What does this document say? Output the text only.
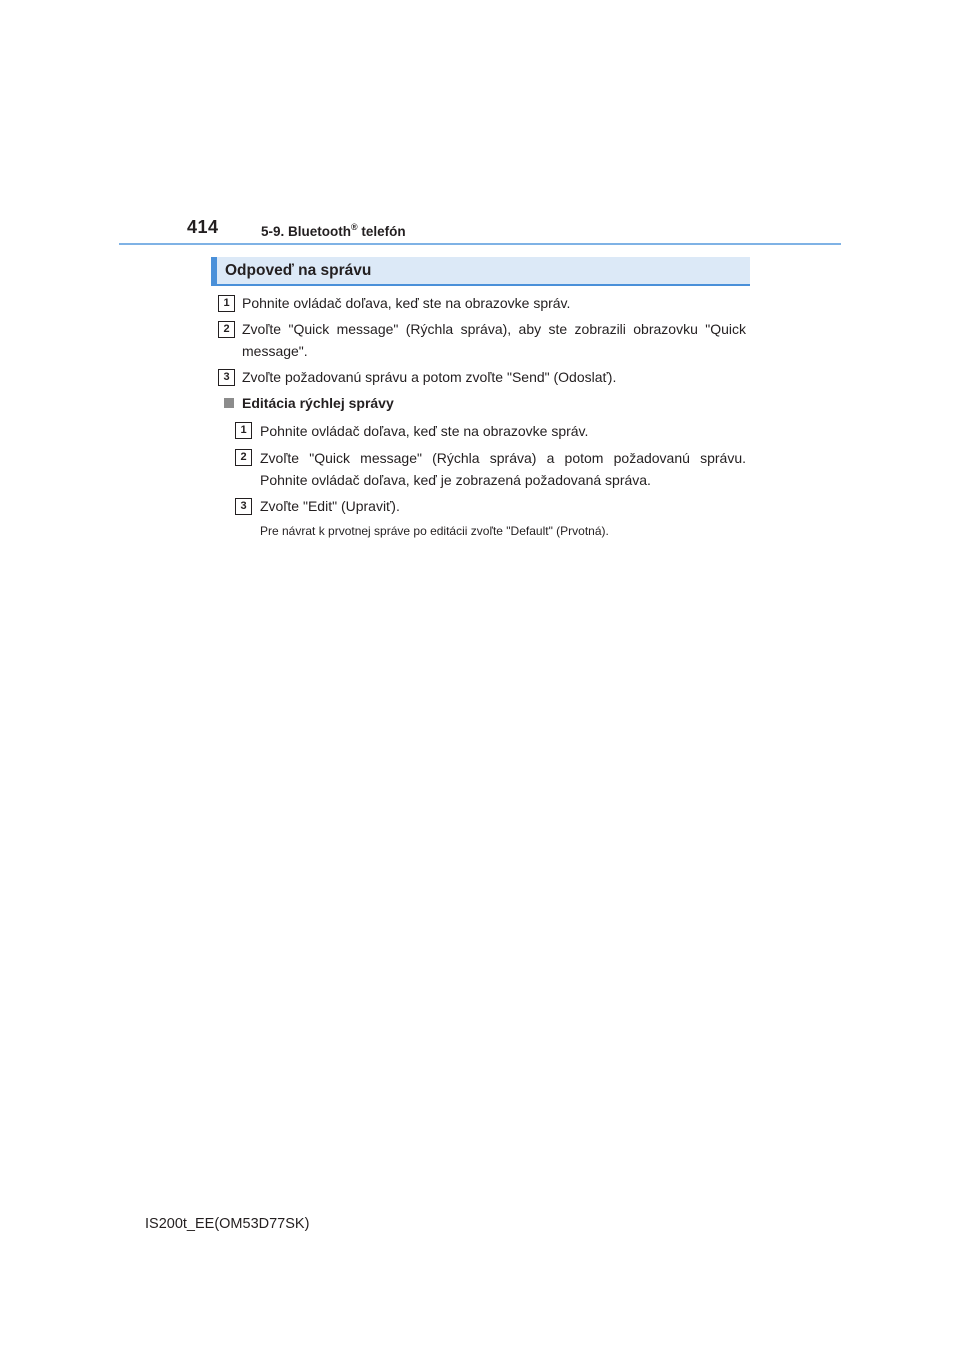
414	5-9. Bluetooth® telefón
Odpoveď na správu
1 Pohnite ovládač doľava, keď ste na obrazovke správ.
2 Zvoľte "Quick message" (Rýchla správa), aby ste zobrazili obrazovku "Quick message".
3 Zvoľte požadovanú správu a potom zvoľte "Send" (Odoslať).
Editácia rýchlej správy
1 Pohnite ovládač doľava, keď ste na obrazovke správ.
2 Zvoľte "Quick message" (Rýchla správa) a potom požadovanú správu. Pohnite ovládač doľava, keď je zobrazená požadovaná správa.
3 Zvoľte "Edit" (Upraviť).
Pre návrat k prvotnej správe po editácii zvoľte "Default" (Prvotná).
IS200t_EE(OM53D77SK)
